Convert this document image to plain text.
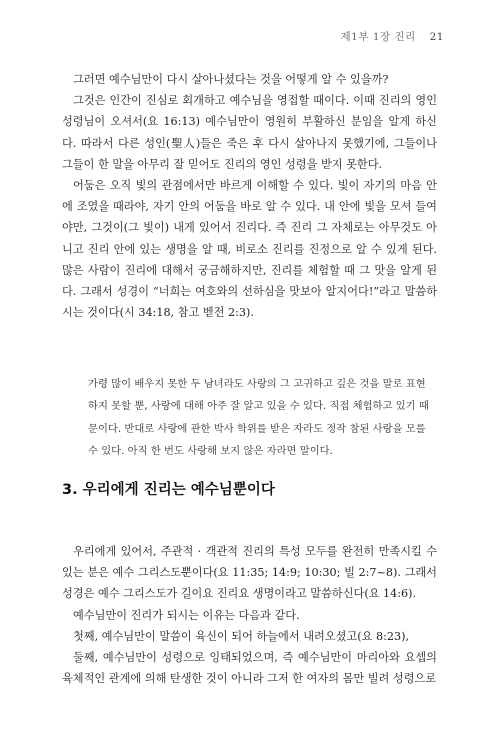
제1부 1장 진리 21

그러면 예수님만이 다시 살아나셨다는 것을 어떻게 알 수 있을까?

그것은 인간이 진심로 회개하고 예수님을 영접할 때이다. 이때 진리의 영인 성령님이 오셔서(요 16:13) 예수님만이 영원히 부활하신 분임을 알게 하신다. 따라서 다른 성인(聖人)들은 죽은 후 다시 살아나지 못했기에, 그들이나 그들이 한 말을 아무리 잘 믿어도 진리의 영인 성령을 받지 못한다.

어둠은 오직 빛의 관점에서만 바르게 이해할 수 있다. 빛이 자기의 마음 안에 조였을 때라야, 자기 안의 어둠을 바로 알 수 있다. 내 안에 빛을 모셔 들여야만, 그것이(그 빛이) 내게 있어서 진리다. 즉 진리 그 자체로는 아무것도 아니고 진리 안에 있는 생명을 알 때, 비로소 진리를 진정으로 알 수 있게 된다. 많은 사람이 진리에 대해서 궁금해하지만, 진리를 체험할 때 그 맛을 알게 된다. 그래서 성경이 “너희는 여호와의 선하심을 맛보아 알지어다!”라고 말씀하시는 것이다(시 34:18, 참고 벧전 2:3).

가령 많이 배우지 못한 두 남녀라도 사랑의 그 고귀하고 깊은 것을 말로 표현하지 못할 뿐, 사랑에 대해 아주 잘 알고 있을 수 있다. 직접 체험하고 있기 때문이다. 반대로 사랑에 관한 박사 학위를 받은 자라도 정작 참된 사랑을 모를 수 있다. 아직 한 번도 사랑해 보지 않은 자라면 말이다.
3. 우리에게 진리는 예수님뿐이다

우리에게 있어서, 주관적 · 객관적 진리의 특성 모두를 완전히 만족시킬 수 있는 분은 예수 그리스도뿐이다(요 11:35; 14:9; 10:30; 빌 2:7~8). 그래서 성경은 예수 그리스도가 길이요 진리요 생명이라고 말씀하신다(요 14:6).

예수님만이 진리가 되시는 이유는 다음과 같다.

첫째, 예수님만이 말씀이 육신이 되어 하늘에서 내려오셨고(요 8:23),

둘째, 예수님만이 성령으로 잉태되었으며, 즉 예수님만이 마리아와 요셉의 육체적인 관계에 의해 탄생한 것이 아니라 그저 한 여자의 몸만 빌려 성령으로
